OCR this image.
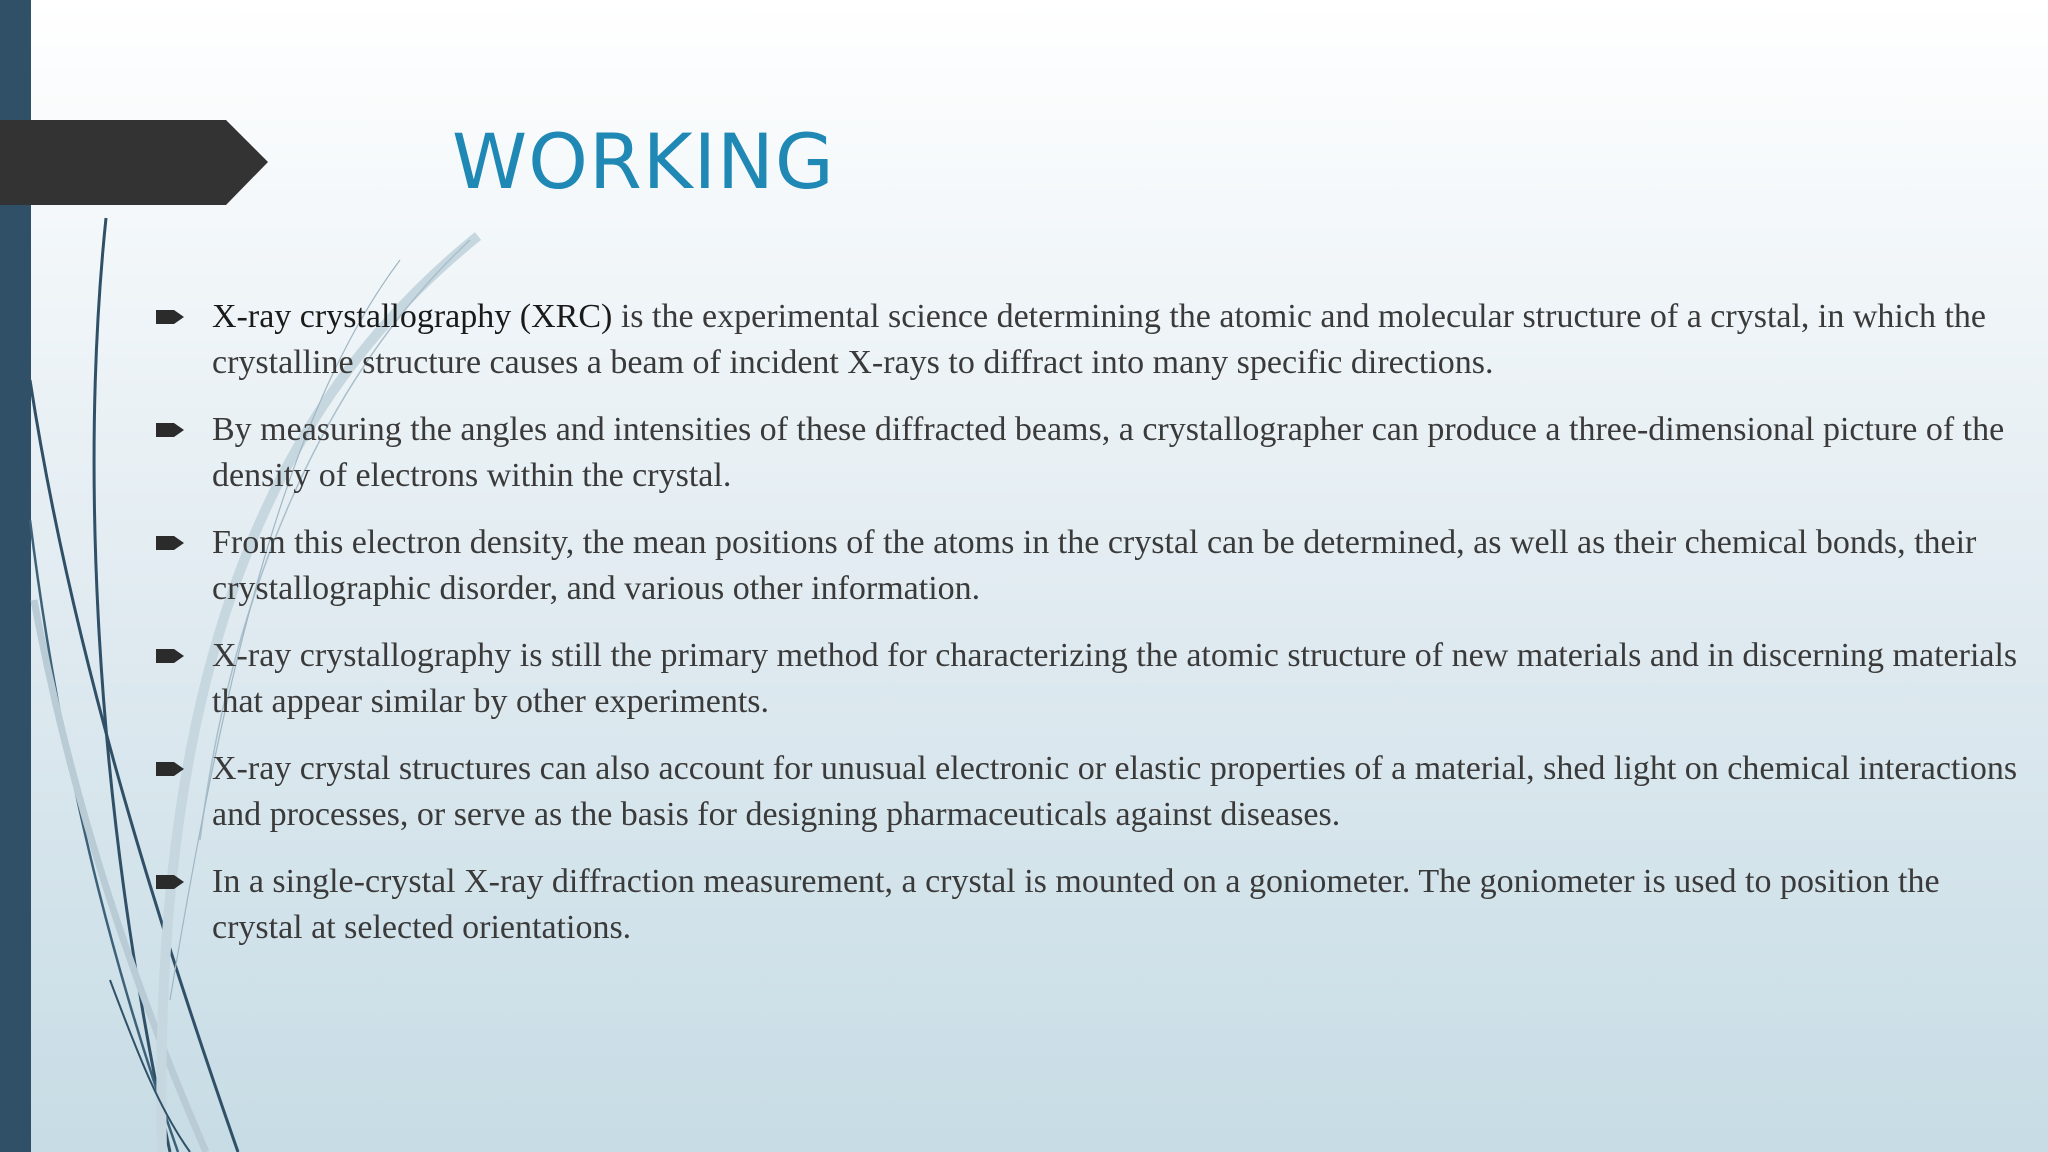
WORKING
X-ray crystallography (XRC) is the experimental science determining the atomic and molecular structure of a crystal, in which the crystalline structure causes a beam of incident X-rays to diffract into many specific directions.
By measuring the angles and intensities of these diffracted beams, a crystallographer can produce a three-dimensional picture of the density of electrons within the crystal.
From this electron density, the mean positions of the atoms in the crystal can be determined, as well as their chemical bonds, their crystallographic disorder, and various other information.
X-ray crystallography is still the primary method for characterizing the atomic structure of new materials and in discerning materials that appear similar by other experiments.
X-ray crystal structures can also account for unusual electronic or elastic properties of a material, shed light on chemical interactions and processes, or serve as the basis for designing pharmaceuticals against diseases.
In a single-crystal X-ray diffraction measurement, a crystal is mounted on a goniometer. The goniometer is used to position the crystal at selected orientations.
